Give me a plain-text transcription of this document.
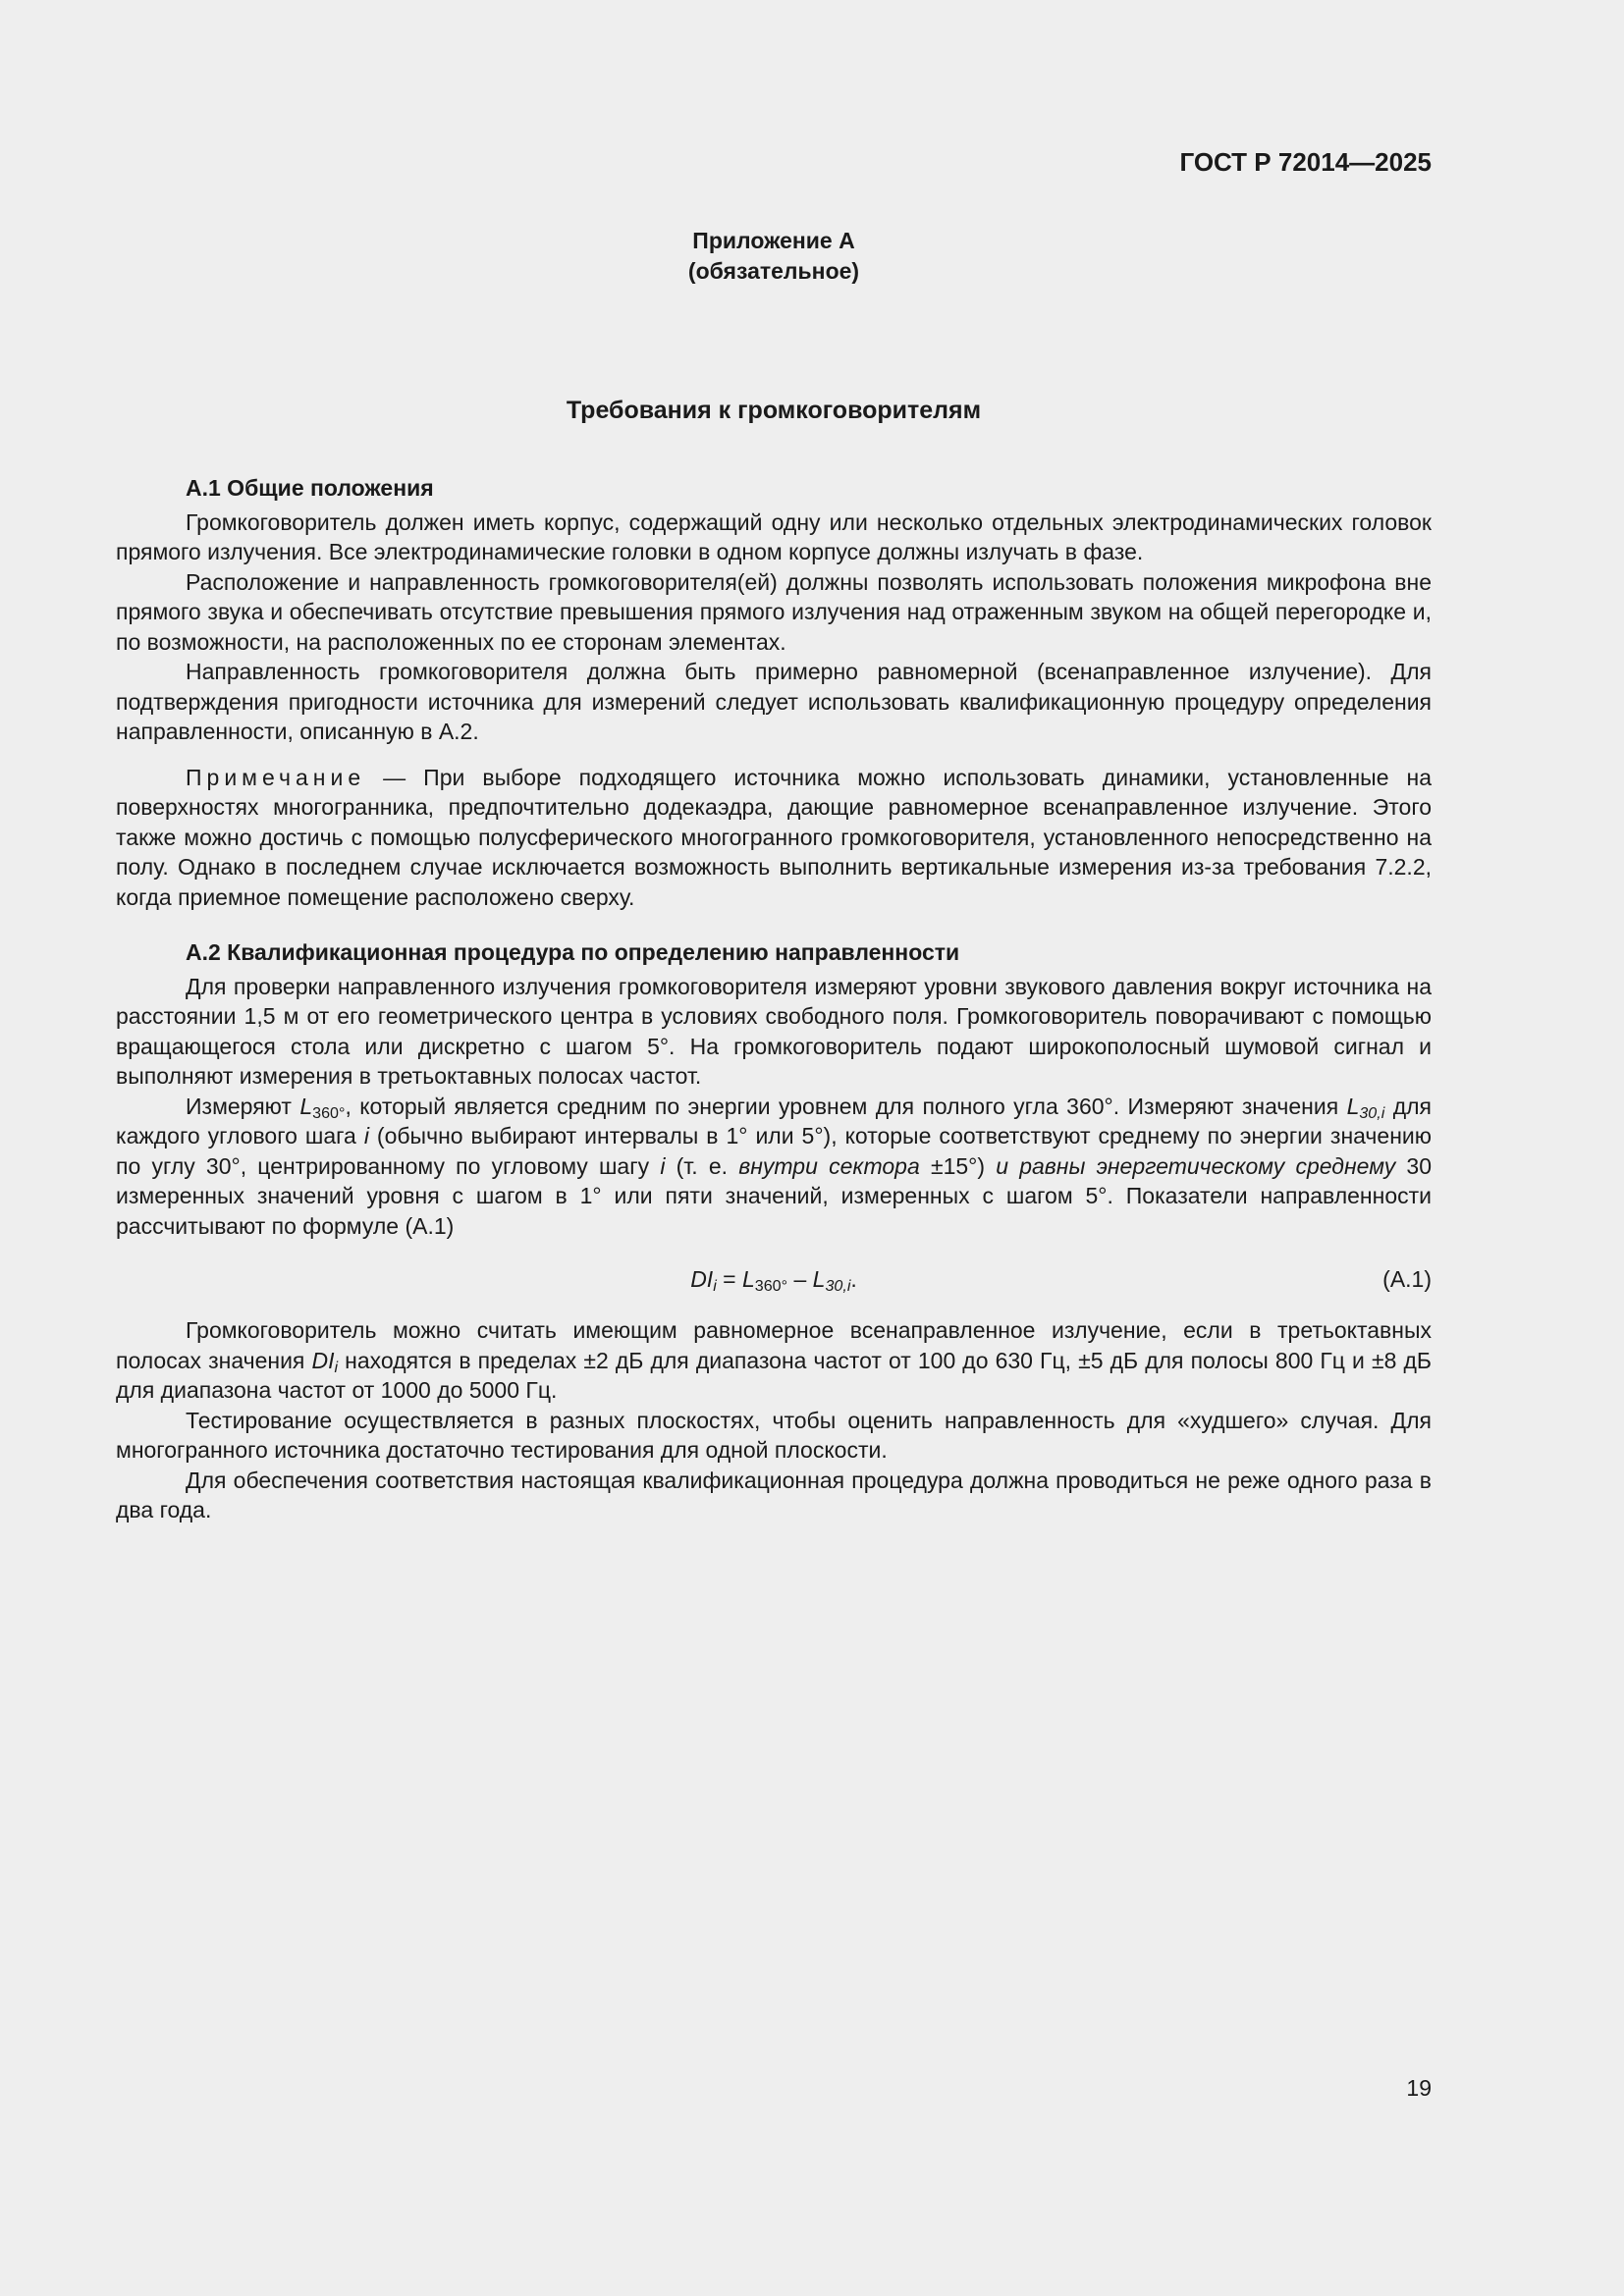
ГОСТ Р 72014—2025
Приложение А
(обязательное)
Требования к громкоговорителям
А.1 Общие положения

Громкоговоритель должен иметь корпус, содержащий одну или несколько отдельных электродинамических головок прямого излучения. Все электродинамические головки в одном корпусе должны излучать в фазе.

Расположение и направленность громкоговорителя(ей) должны позволять использовать положения микрофона вне прямого звука и обеспечивать отсутствие превышения прямого излучения над отраженным звуком на общей перегородке и, по возможности, на расположенных по ее сторонам элементах.

Направленность громкоговорителя должна быть примерно равномерной (всенаправленное излучение). Для подтверждения пригодности источника для измерений следует использовать квалификационную процедуру определения направленности, описанную в А.2.

Примечание — При выборе подходящего источника можно использовать динамики, установленные на поверхностях многогранника, предпочтительно додекаэдра, дающие равномерное всенаправленное излучение. Этого также можно достичь с помощью полусферического многогранного громкоговорителя, установленного непосредственно на полу. Однако в последнем случае исключается возможность выполнить вертикальные измерения из-за требования 7.2.2, когда приемное помещение расположено сверху.

А.2 Квалификационная процедура по определению направленности

Для проверки направленного излучения громкоговорителя измеряют уровни звукового давления вокруг источника на расстоянии 1,5 м от его геометрического центра в условиях свободного поля. Громкоговоритель поворачивают с помощью вращающегося стола или дискретно с шагом 5°. На громкоговоритель подают широкополосный шумовой сигнал и выполняют измерения в третьоктавных полосах частот.

Измеряют $L_{360^\circ}$, который является средним по энергии уровнем для полного угла 360°. Измеряют значения $L_{30,i}$ для каждого углового шага i (обычно выбирают интервалы в 1° или 5°), которые соответствуют среднему по энергии значению по углу 30°, центрированному по угловому шагу i (т. е. внутри сектора ±15°) и равны энергетическому среднему 30 измеренных значений уровня с шагом в 1° или пяти значений, измеренных с шагом 5°. Показатели направленности рассчитывают по формуле (А.1)

$DI_i = L_{360^\circ} - L_{30,i}$.	(А.1)

Громкоговоритель можно считать имеющим равномерное всенаправленное излучение, если в третьоктавных полосах значения $DI_i$ находятся в пределах ±2 дБ для диапазона частот от 100 до 630 Гц, ±5 дБ для полосы 800 Гц и ±8 дБ для диапазона частот от 1000 до 5000 Гц.

Тестирование осуществляется в разных плоскостях, чтобы оценить направленность для «худшего» случая. Для многогранного источника достаточно тестирования для одной плоскости.

Для обеспечения соответствия настоящая квалификационная процедура должна проводиться не реже одного раза в два года.

19
